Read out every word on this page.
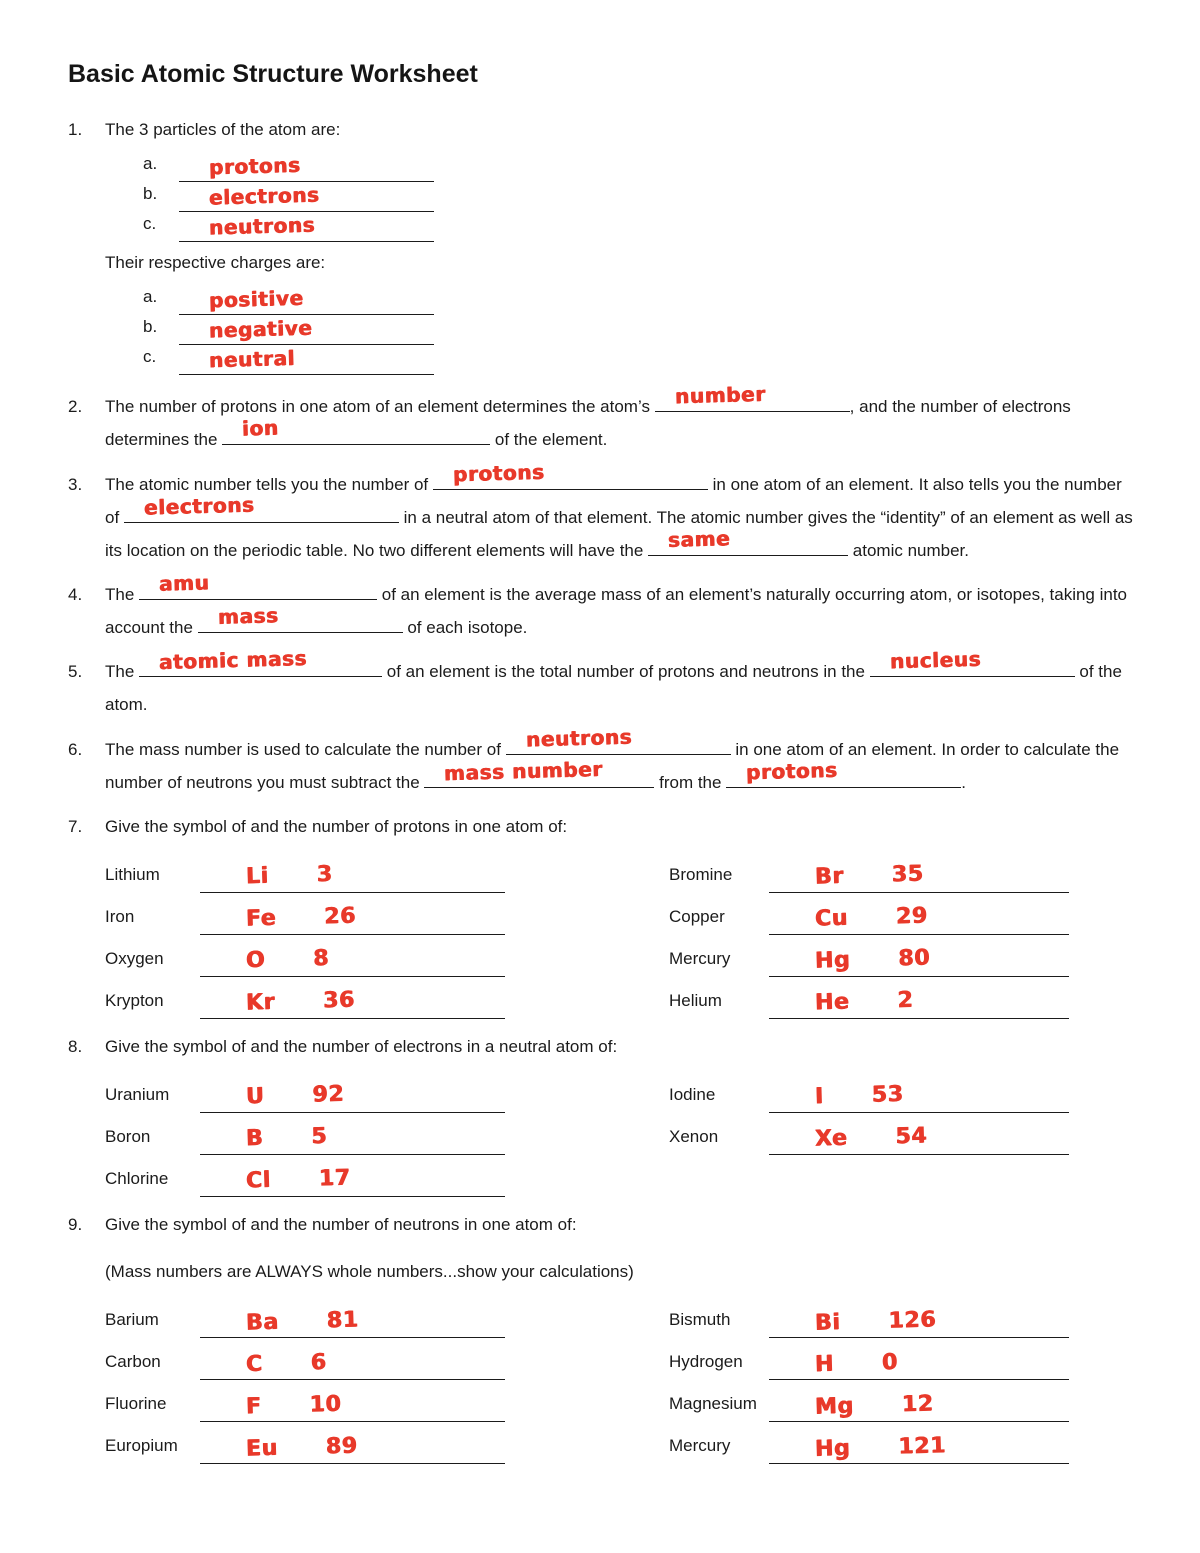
Basic Atomic Structure Worksheet
1.	The 3 particles of the atom are:

a.	protons
b.	electrons
c.	neutrons

Their respective charges are:

a.	positive
b.	negative
c.	neutral
2.	The number of protons in one atom of an element determines the atom’s number	, and the number of electrons determines the ion	of the element.
3.	The atomic number tells you the number of protons	in one atom of an element. It also tells you the number of electrons	in a neutral atom of that element. The atomic number gives the “identity” of an element as well as its location on the periodic table. No two different elements will have the same	atomic number.
4.	The amu	of an element is the average mass of an element’s naturally occurring atom, or isotopes, taking into account the mass	of each isotope.
5.	The atomic mass	of an element is the total number of protons and neutrons in the nucleus	of the atom.
6.	The mass number is used to calculate the number of neutrons	in one atom of an element. In order to calculate the number of neutrons you must subtract the mass number	from the protons	.
7.	Give the symbol of and the number of protons in one atom of:

Lithium	Li 3
Iron	Fe 26
Oxygen	O 8
Krypton	Kr 36
Bromine	Br 35
Copper	Cu 29
Mercury	Hg 80
Helium	He 2
8.	Give the symbol of and the number of electrons in a neutral atom of:

Uranium	U 92
Boron	B 5
Chlorine	Cl 17
Iodine	I 53
Xenon	Xe 54
9.	Give the symbol of and the number of neutrons in one atom of:

(Mass numbers are ALWAYS whole numbers...show your calculations)

Barium	Ba 81
Carbon	C 6
Fluorine	F 10
Europium	Eu 89
Bismuth	Bi 126
Hydrogen	H 0
Magnesium	Mg 12
Mercury	Hg 121
